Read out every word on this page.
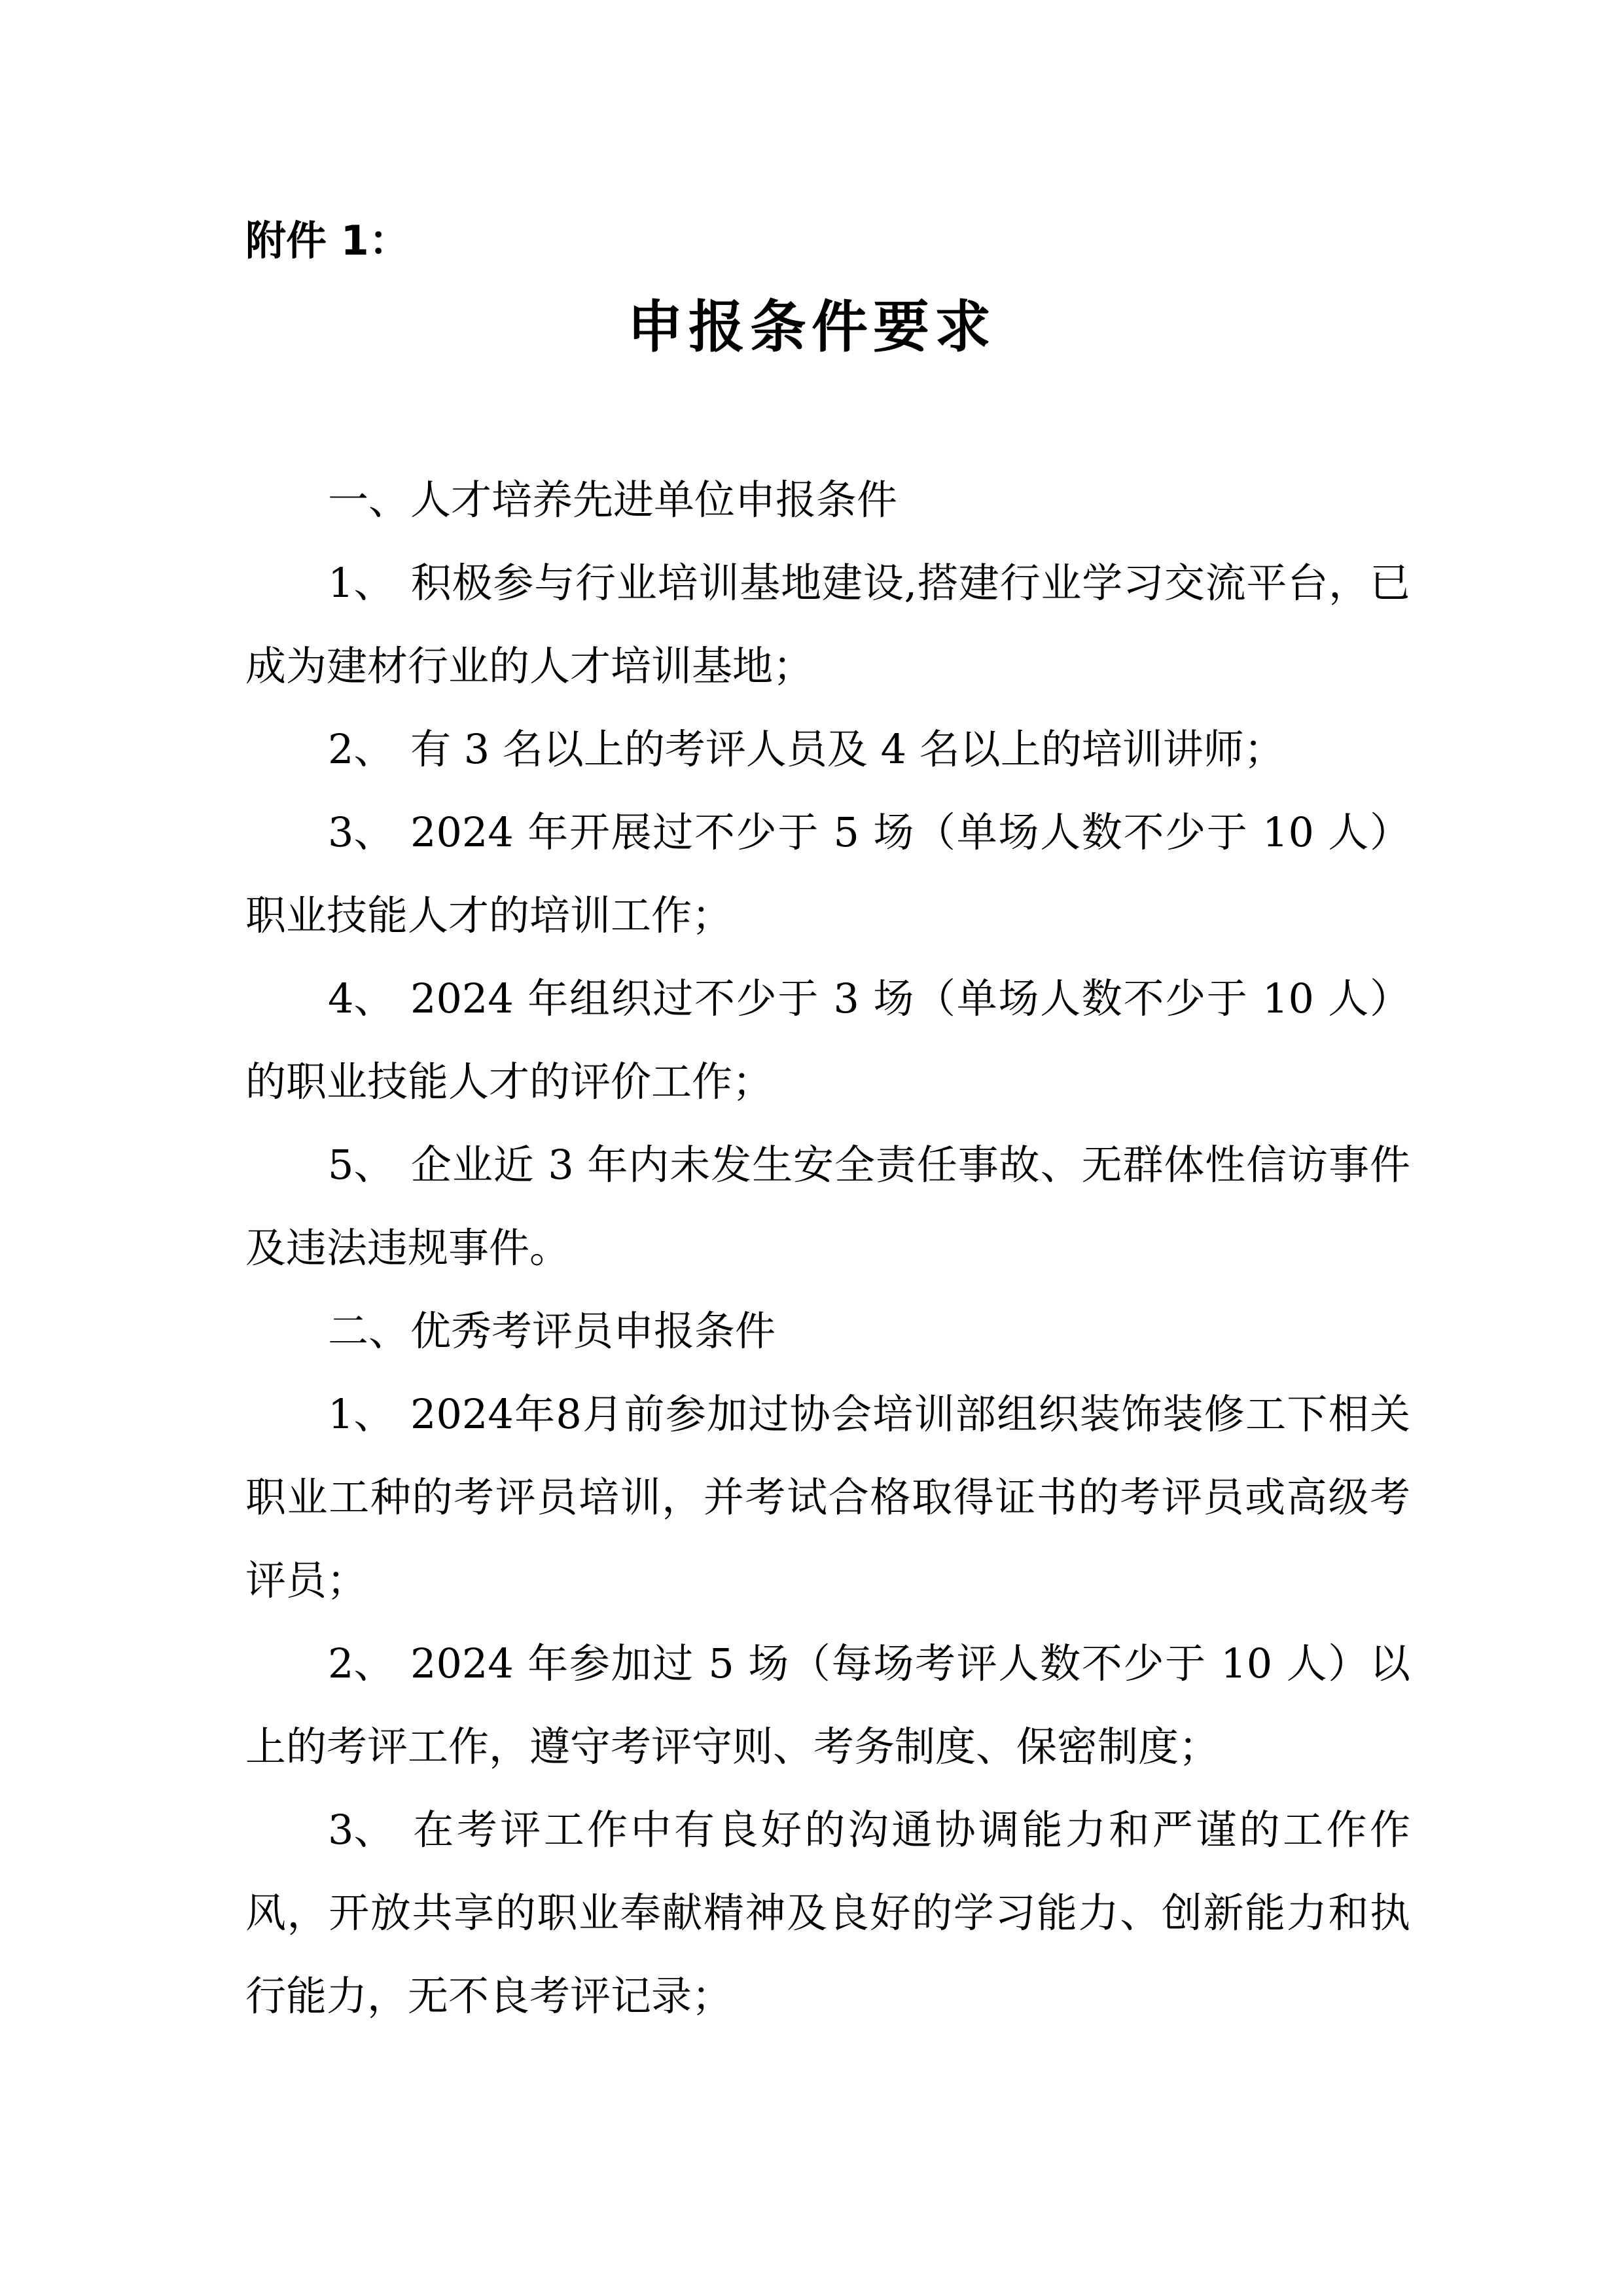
附件 1：

申报条件要求

一、人才培养先进单位申报条件

1、 积极参与行业培训基地建设,搭建行业学习交流平台，已成为建材行业的人才培训基地；

2、 有 3 名以上的考评人员及 4 名以上的培训讲师；

3、 2024 年开展过不少于 5 场（单场人数不少于 10 人）职业技能人才的培训工作；

4、 2024 年组织过不少于 3 场（单场人数不少于 10 人）的职业技能人才的评价工作；

5、 企业近 3 年内未发生安全责任事故、无群体性信访事件及违法违规事件。

二、优秀考评员申报条件

1、 2024年8月前参加过协会培训部组织装饰装修工下相关职业工种的考评员培训，并考试合格取得证书的考评员或高级考评员；

2、 2024 年参加过 5 场（每场考评人数不少于 10 人）以上的考评工作，遵守考评守则、考务制度、保密制度；

3、 在考评工作中有良好的沟通协调能力和严谨的工作作风，开放共享的职业奉献精神及良好的学习能力、创新能力和执行能力，无不良考评记录；
